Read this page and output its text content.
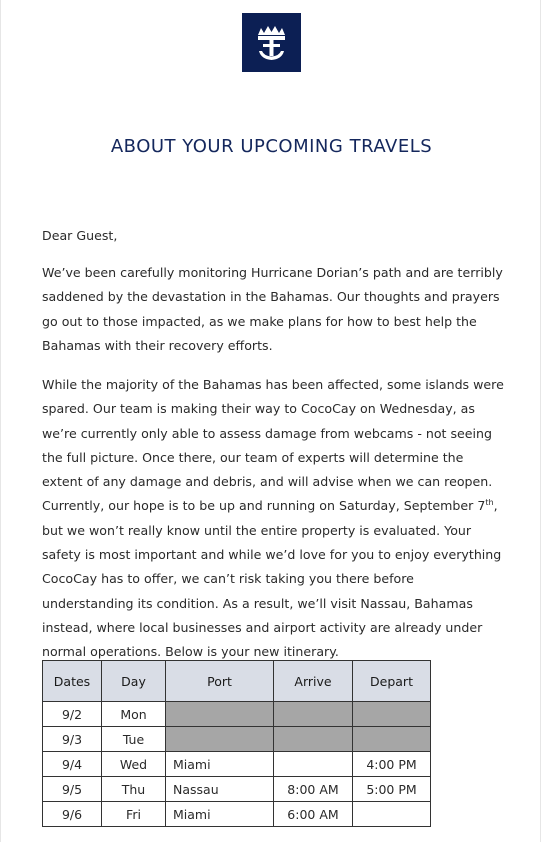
ABOUT YOUR UPCOMING TRAVELS

Dear Guest,

We’ve been carefully monitoring Hurricane Dorian’s path and are terribly saddened by the devastation in the Bahamas. Our thoughts and prayers go out to those impacted, as we make plans for how to best help the Bahamas with their recovery efforts.

While the majority of the Bahamas has been affected, some islands were spared. Our team is making their way to CocoCay on Wednesday, as we’re currently only able to assess damage from webcams - not seeing the full picture. Once there, our team of experts will determine the extent of any damage and debris, and will advise when we can reopen. Currently, our hope is to be up and running on Saturday, September 7th, but we won’t really know until the entire property is evaluated. Your safety is most important and while we’d love for you to enjoy everything CocoCay has to offer, we can’t risk taking you there before understanding its condition. As a result, we’ll visit Nassau, Bahamas instead, where local businesses and airport activity are already under normal operations. Below is your new itinerary.

Dates	Day	Port	Arrive	Depart
9/2	Mon			
9/3	Tue			
9/4	Wed	Miami		4:00 PM
9/5	Thu	Nassau	8:00 AM	5:00 PM
9/6	Fri	Miami	6:00 AM	
